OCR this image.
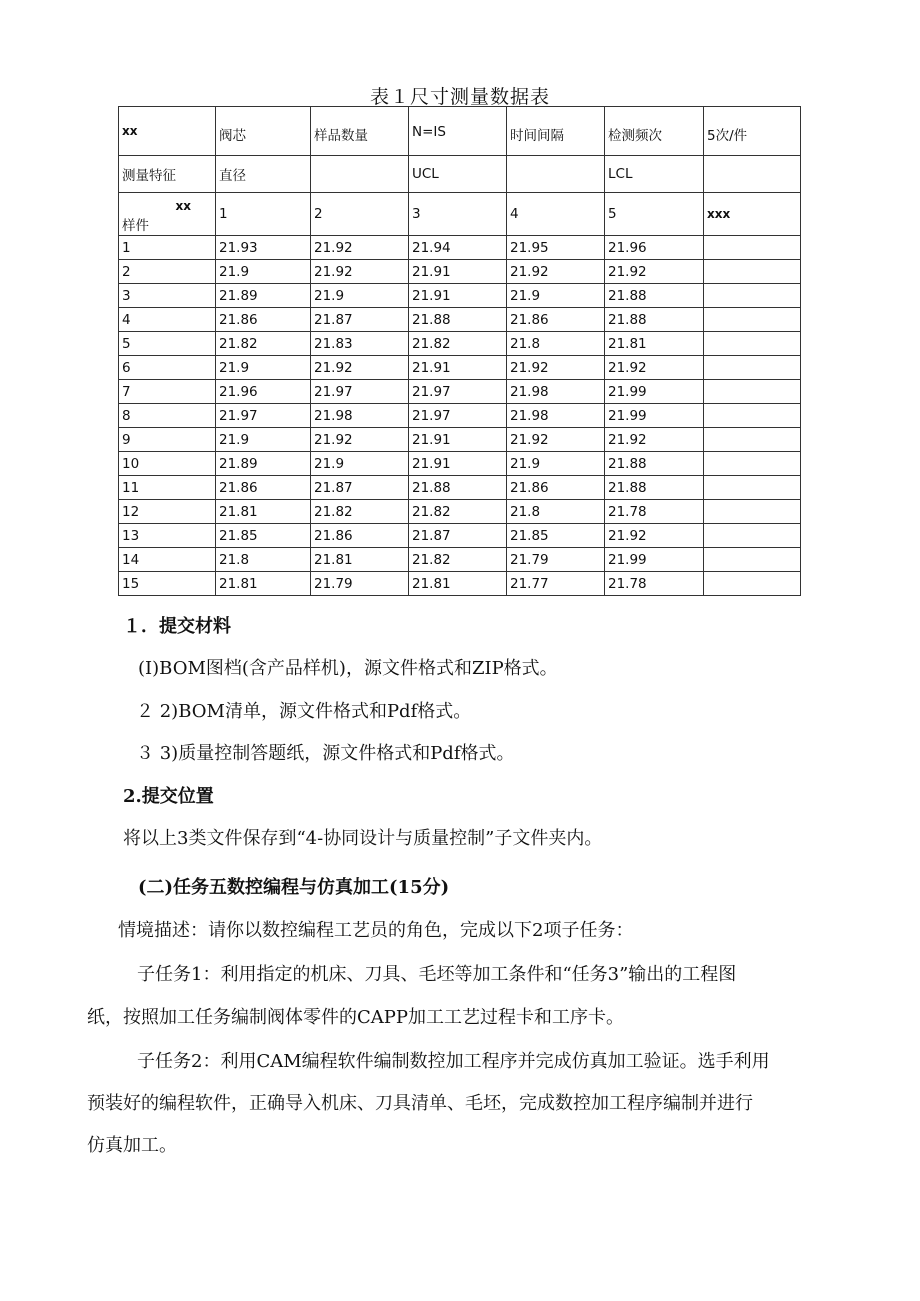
表１尺寸测量数据表
xx	阀芯	样品数量	N=IS	时间间隔	检测频次	5次/件
测量特征	直径		UCL		LCL	

xx
样件	1	2	3	4	5	xxx
1	21.93	21.92	21.94	21.95	21.96	
2	21.9	21.92	21.91	21.92	21.92	
3	21.89	21.9	21.91	21.9	21.88	
4	21.86	21.87	21.88	21.86	21.88	
5	21.82	21.83	21.82	21.8	21.81	
6	21.9	21.92	21.91	21.92	21.92	
7	21.96	21.97	21.97	21.98	21.99	
8	21.97	21.98	21.97	21.98	21.99	
9	21.9	21.92	21.91	21.92	21.92	
10	21.89	21.9	21.91	21.9	21.88	
11	21.86	21.87	21.88	21.86	21.88	
12	21.81	21.82	21.82	21.8	21.78	
13	21.85	21.86	21.87	21.85	21.92	
14	21.8	21.81	21.82	21.79	21.99	
15	21.81	21.79	21.81	21.77	21.78	
１．提交材料
(I)BOM图档(含产品样机)，源文件格式和ZIP格式。
２ 2)BOM清单，源文件格式和Pdf格式。
３ 3)质量控制答题纸，源文件格式和Pdf格式。
2.提交位置
将以上3类文件保存到“4-协同设计与质量控制”子文件夹内。
(二)任务五数控编程与仿真加工(15分)
情境描述：请你以数控编程工艺员的角色，完成以下2项子任务：
子任务1：利用指定的机床、刀具、毛坯等加工条件和“任务3”输出的工程图
纸，按照加工任务编制阀体零件的CAPP加工工艺过程卡和工序卡。
子任务2：利用CAM编程软件编制数控加工程序并完成仿真加工验证。选手利用
预装好的编程软件，正确导入机床、刀具清单、毛坯，完成数控加工程序编制并进行
仿真加工。
